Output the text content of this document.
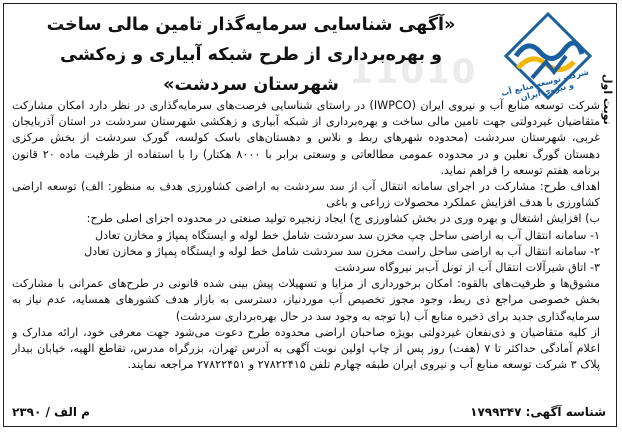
11010
نوبت اول
شرکت توسعه منابع آب و نیروی ایران
«آگهی شناسایی سرمایه‌گذار تامین مالی ساخت
و بهره‌برداری از طرح شبکه آبیاری و زه‌کشی شهرستان سردشت»

شرکت توسعه منابع آب و نیروی ایران (IWPCO) در راستای شناسایی فرصت‌های سرمایه‌گذاری در نظر دارد امکان مشارکت متقاضیان غیردولتی جهت تامین مالی ساخت و بهره‌برداری از شبکه آبیاری و زهکشی شهرستان سردشت در استان آذربایجان غربی، شهرستان سردشت (محدوده شهرهای ربط و نلاس و دهستان‌های باسک کولسه، گورک سردشت از بخش مرکزی دهستان گورگ نعلین و در محدوده عمومی مطالعاتی و وسعتی برابر با ۸۰۰۰ هکتار) را با استفاده از ظرفیت ماده ۲۰ قانون برنامه هفتم توسعه را فراهم نماید.

اهداف طرح: مشارکت در اجرای سامانه انتقال آب از سد سردشت به اراضی کشاورزی هدف به منظور: الف) توسعه اراضی کشاورزی با هدف افزایش عملکرد محصولات زراعی و باغی

ب) افزایش اشتغال و بهره وری در بخش کشاورزی ج) ایجاد زنجیره تولید صنعتی در محدوده اجزای اصلی طرح:

۱- سامانه انتقال آب به اراضی ساحل چپ مخزن سد سردشت شامل خط لوله و ایستگاه پمپاژ و مخازن تعادل

۲- سامانه انتقال آب به اراضی ساحل راست مخزن سد سردشت شامل خط لوله و ایستگاه پمپاژ و مخازن تعادل

۳- اتاق شیرآلات انتقال آب از تونل آب‌بر نیروگاه سردشت

مشوق‌ها و ظرفیت‌های بالقوه: امکان برخورداری از مزایا و تسهیلات پیش بینی شده قانونی در طرح‌های عمرانی با مشارکت بخش خصوصی مراجع ذی ربط، وجود مجوز تخصیص آب موردنیاز، دسترسی به بازار هدف کشورهای همسایه، عدم نیاز به سرمایه‌گذاری جدید برای ذخیره منابع آب (با توجه به وجود سد در حال بهره‌برداری سردشت)

از کلیه متقاضیان و ذی‌نفعان غیردولتی بویژه صاحبان اراضی محدوده طرح دعوت می‌شود جهت معرفی خود، ارائه مدارک و اعلام آمادگی حداکثر تا ۷ (هفت) روز پس از چاپ اولین نوبت آگهی به آدرس تهران، بزرگراه مدرس، تقاطع الهیه، خیابان بیدار پلاک ۳ شرکت توسعه منابع آب و نیروی ایران طبقه چهارم تلفن ۲۷۸۲۲۴۱۵ و ۲۷۸۲۲۴۵۱ مراجعه نمایند.

شناسه آگهی: ۱۷۹۹۳۴۷
م الف / ۲۳۹۰
